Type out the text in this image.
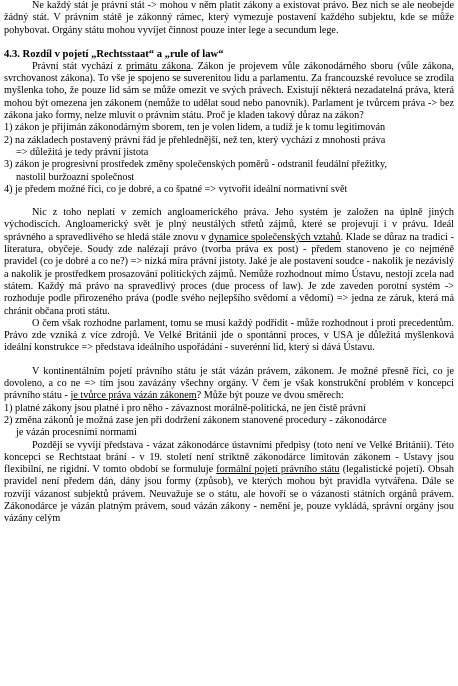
Ne každý stát je právní stát -> mohou v něm platit zákony a existovat právo. Bez nich se ale neobejde žádný stát. V právním státě je zákonný rámec, který vymezuje postavení každého subjektu, kde se může pohybovat. Orgány státu mohou vyvíjet činnost pouze inter lege a secundum lege.

4.3. Rozdíl v pojetí „Rechtsstaat“ a „rule of law“

Právní stát vychází z primátu zákona. Zákon je projevem vůle zákonodárného sboru (vůle zákona, svrchovanost zákona). To vše je spojeno se suverenitou lidu a parlamentu. Za francouzské revoluce se zrodila myšlenka toho, že pouze lid sám se může omezit ve svých právech. Existují některá nezadatelná práva, která mohou být omezena jen zákonem (nemůže to udělat soud nebo panovník). Parlament je tvůrcem práva -> bez zákona jako formy, nelze mluvit o právním státu. Proč je kladen takový důraz na zákon?

1) zákon je přijímán zákonodárným sborem, ten je volen lidem, a tudíž je k tomu legitimován
2) na základech postavený právní řád je přehlednější, než ten, který vychází z mnohosti práva
=> důležitá je tedy právní jistota
3) zákon je progresivní prostředek změny společenských poměrů - odstranil feudální přežitky,
nastolil buržoazní společnost
4) je předem možné říci, co je dobré, a co špatné => vytvořit ideální normativní svět

Nic z toho neplatí v zemích angloamerického práva. Jeho systém je založen na úplně jiných východiscích. Angloamerický svět je plný neustálých střetů zájmů, které se projevují i v právu. Ideál správného a spravedlivého se hledá stále znovu v dynamice společenských vztahů. Klade se důraz na tradici - literatura, obyčeje. Soudy zde nalézají právo (tvorba práva ex post) - předem stanoveno je co nejméně pravidel (co je dobré a co ne?) => nízká míra právní jistoty. Jaké je ale postavení soudce - nakolik je nezávislý a nakolik je prostředkem prosazování politických zájmů. Nemůže rozhodnout mimo Ústavu, nestojí zcela nad státem. Každý má právo na spravedlivý proces (due process of law). Je zde zaveden porotní systém -> rozhoduje podle přirozeného práva (podle svého nejlepšího svědomí a vědomí) => jedna ze záruk, která má chránit občana proti státu.

O čem však rozhodne parlament, tomu se musí každý podřídit - může rozhodnout i proti precedentům. Právo zde vzniká z více zdrojů. Ve Velké Británii jde o spontánní proces, v USA je důležitá myšlenková ideální konstrukce => představa ideálního uspořádání - suverénní lid, který si dává Ústavu.

V kontinentálním pojetí právního státu je stát vázán právem, zákonem. Je možné přesně říci, co je dovoleno, a co ne => tím jsou zavázány všechny orgány. V čem je však konstrukční problém v koncepci právního státu - je tvůrce práva vázán zákonem? Může být pouze ve dvou směrech:

1) platné zákony jsou platné i pro něho - závaznost morálně-politická, ne jen čistě právní
2) změna zákonů je možná zase jen při dodržení zákonem stanovené procedury - zákonodárce
je vázán procesními normami

Později se vyvíjí představa - vázat zákonodárce ústavními předpisy (toto není ve Velké Británii). Této koncepci se Rechtstaat brání - v 19. století není striktně zákonodárce limitován zákonem - Ustavy jsou flexibilní, ne rigidní. V tomto období se formuluje formální pojetí právního státu (legalistické pojetí). Obsah pravidel není předem dán, dány jsou formy (způsob), ve kterých mohou být pravidla vytvářena. Dále se rozvíjí vázanost subjektů právem. Neuvažuje se o státu, ale hovoří se o vázanosti státních orgánů právem. Zákonodárce je vázán platným právem, soud vázán zákony - nemění je, pouze vykládá, správní orgány jsou vázány celým
